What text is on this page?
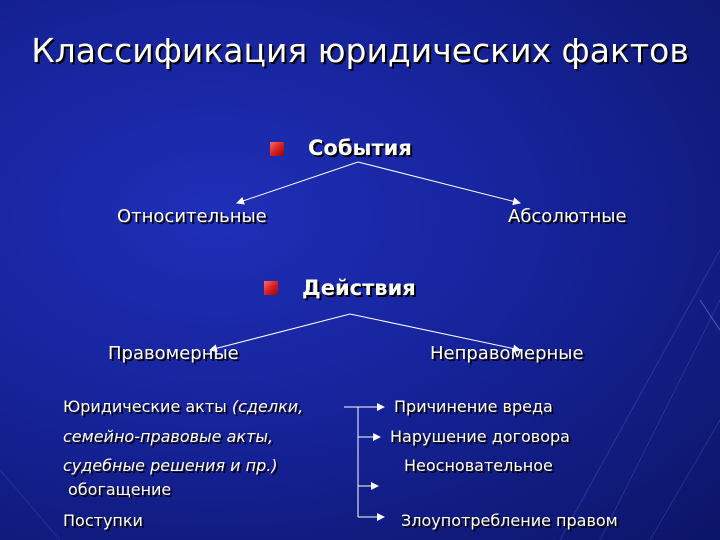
Классификация юридических фактов
События
Относительные	Абсолютные
Действия
Правомерные	Неправомерные
Юридические акты (сделки,
семейно-правовые акты,
судебные решения и пр.)
Поступки
Причинение вреда
Нарушение договора
Неосновательное
обогащение
Злоупотребление правом
